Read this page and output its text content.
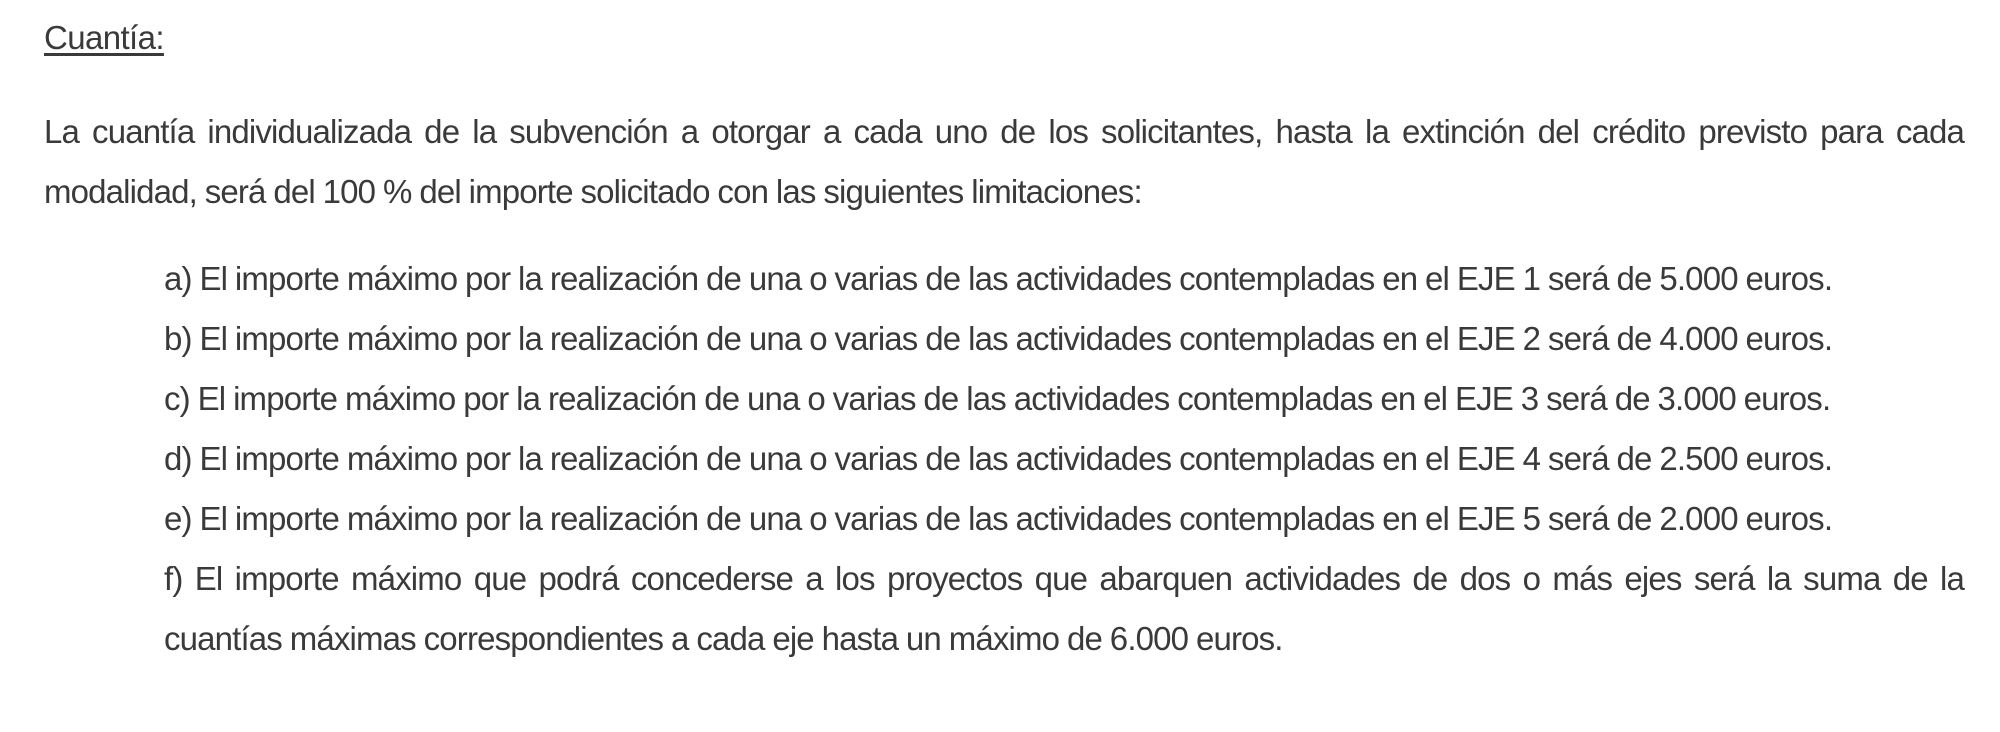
Cuantía:

La cuantía individualizada de la subvención a otorgar a cada uno de los solicitantes, hasta la extinción del crédito previsto para cada modalidad, será del 100 % del importe solicitado con las siguientes limitaciones:

a) El importe máximo por la realización de una o varias de las actividades contempladas en el EJE 1 será de 5.000 euros.
b) El importe máximo por la realización de una o varias de las actividades contempladas en el EJE 2 será de 4.000 euros.
c) El importe máximo por la realización de una o varias de las actividades contempladas en el EJE 3 será de 3.000 euros.
d) El importe máximo por la realización de una o varias de las actividades contempladas en el EJE 4 será de 2.500 euros.
e) El importe máximo por la realización de una o varias de las actividades contempladas en el EJE 5 será de 2.000 euros.
f) El importe máximo que podrá concederse a los proyectos que abarquen actividades de dos o más ejes será la suma de la cuantías máximas correspondientes a cada eje hasta un máximo de 6.000 euros.
